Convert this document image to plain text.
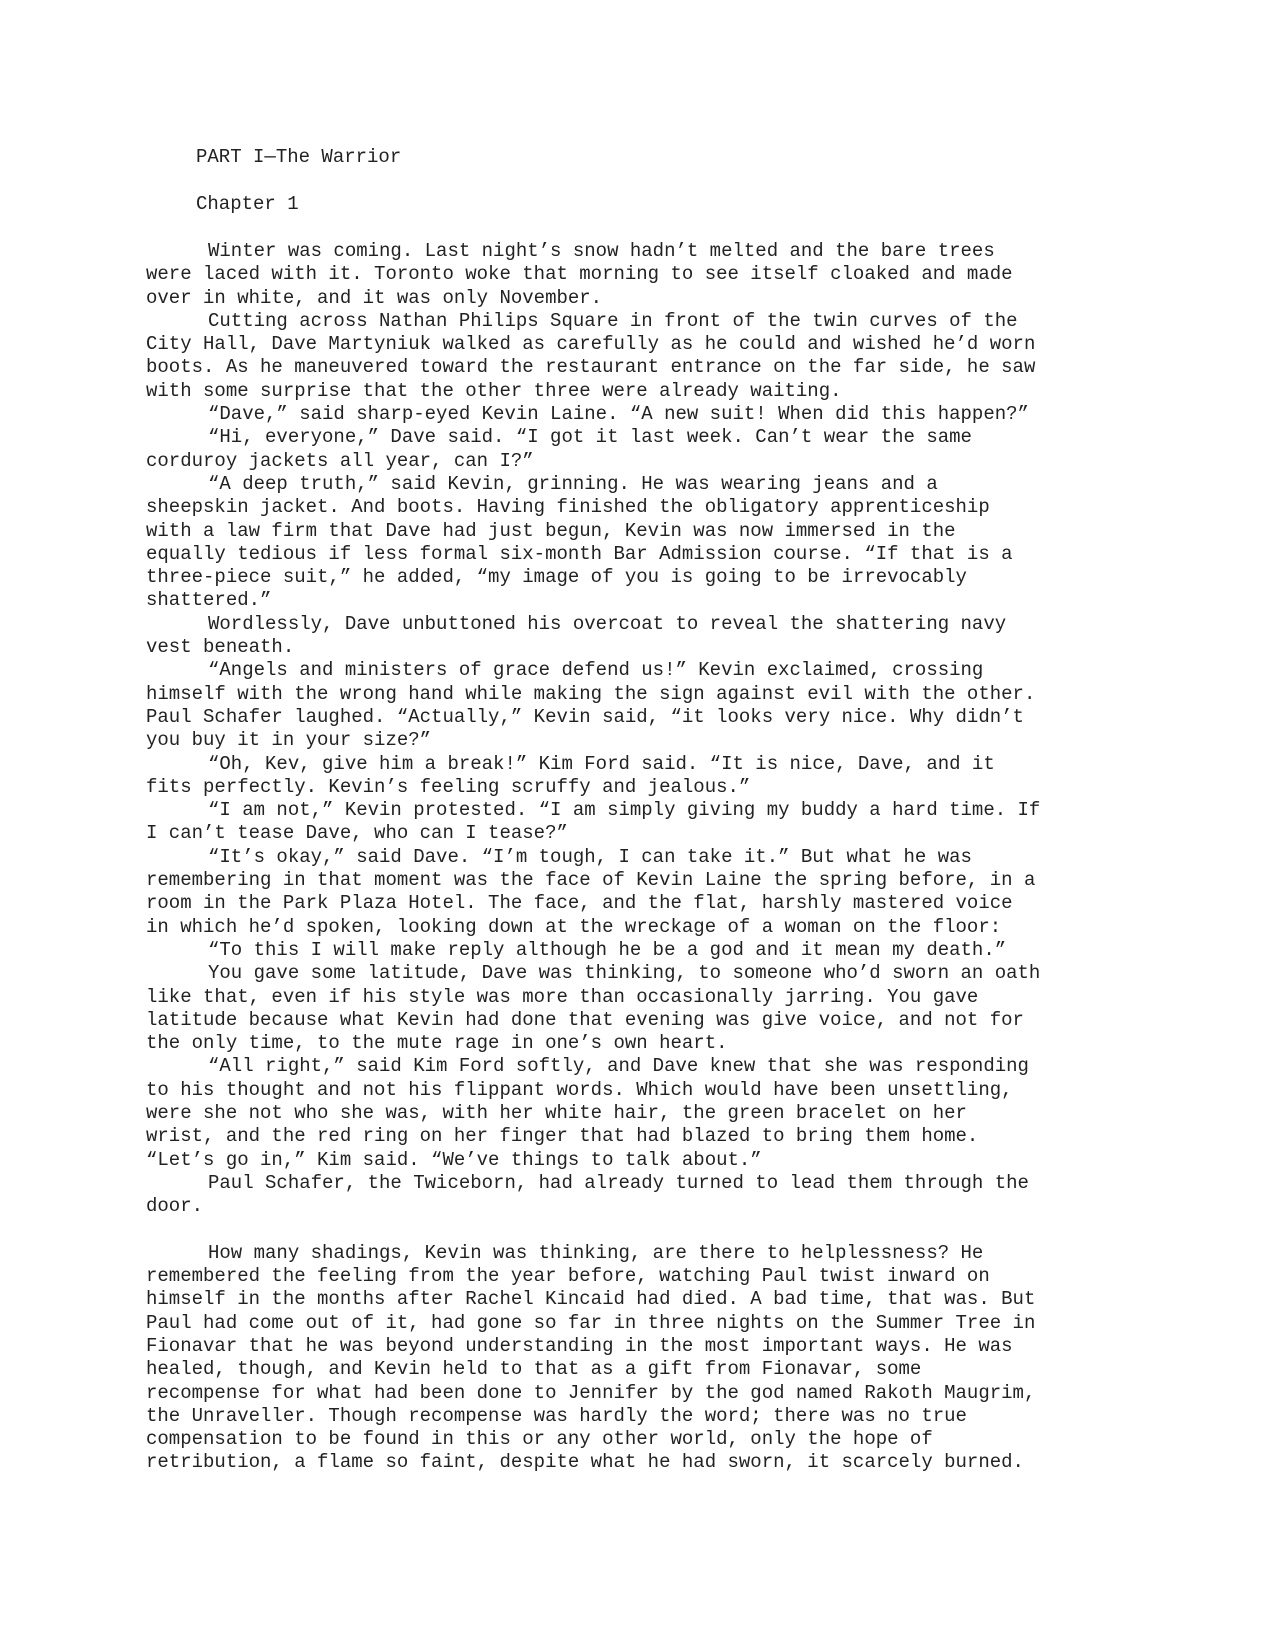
PART I—The Warrior
Chapter 1

Winter was coming. Last night’s snow hadn’t melted and the bare trees
were laced with it. Toronto woke that morning to see itself cloaked and made
over in white, and it was only November.

Cutting across Nathan Philips Square in front of the twin curves of the
City Hall, Dave Martyniuk walked as carefully as he could and wished he’d worn
boots. As he maneuvered toward the restaurant entrance on the far side, he saw
with some surprise that the other three were already waiting.

“Dave,” said sharp-eyed Kevin Laine. “A new suit! When did this happen?”

“Hi, everyone,” Dave said. “I got it last week. Can’t wear the same
corduroy jackets all year, can I?”

“A deep truth,” said Kevin, grinning. He was wearing jeans and a
sheepskin jacket. And boots. Having finished the obligatory apprenticeship
with a law firm that Dave had just begun, Kevin was now immersed in the
equally tedious if less formal six-month Bar Admission course. “If that is a
three-piece suit,” he added, “my image of you is going to be irrevocably
shattered.”

Wordlessly, Dave unbuttoned his overcoat to reveal the shattering navy
vest beneath.

“Angels and ministers of grace defend us!” Kevin exclaimed, crossing
himself with the wrong hand while making the sign against evil with the other.
Paul Schafer laughed. “Actually,” Kevin said, “it looks very nice. Why didn’t
you buy it in your size?”

“Oh, Kev, give him a break!” Kim Ford said. “It is nice, Dave, and it
fits perfectly. Kevin’s feeling scruffy and jealous.”

“I am not,” Kevin protested. “I am simply giving my buddy a hard time. If
I can’t tease Dave, who can I tease?”

“It’s okay,” said Dave. “I’m tough, I can take it.” But what he was
remembering in that moment was the face of Kevin Laine the spring before, in a
room in the Park Plaza Hotel. The face, and the flat, harshly mastered voice
in which he’d spoken, looking down at the wreckage of a woman on the floor:

“To this I will make reply although he be a god and it mean my death.”

You gave some latitude, Dave was thinking, to someone who’d sworn an oath
like that, even if his style was more than occasionally jarring. You gave
latitude because what Kevin had done that evening was give voice, and not for
the only time, to the mute rage in one’s own heart.

“All right,” said Kim Ford softly, and Dave knew that she was responding
to his thought and not his flippant words. Which would have been unsettling,
were she not who she was, with her white hair, the green bracelet on her
wrist, and the red ring on her finger that had blazed to bring them home.
“Let’s go in,” Kim said. “We’ve things to talk about.”

Paul Schafer, the Twiceborn, had already turned to lead them through the
door.

How many shadings, Kevin was thinking, are there to helplessness? He
remembered the feeling from the year before, watching Paul twist inward on
himself in the months after Rachel Kincaid had died. A bad time, that was. But
Paul had come out of it, had gone so far in three nights on the Summer Tree in
Fionavar that he was beyond understanding in the most important ways. He was
healed, though, and Kevin held to that as a gift from Fionavar, some
recompense for what had been done to Jennifer by the god named Rakoth Maugrim,
the Unraveller. Though recompense was hardly the word; there was no true
compensation to be found in this or any other world, only the hope of
retribution, a flame so faint, despite what he had sworn, it scarcely burned.
